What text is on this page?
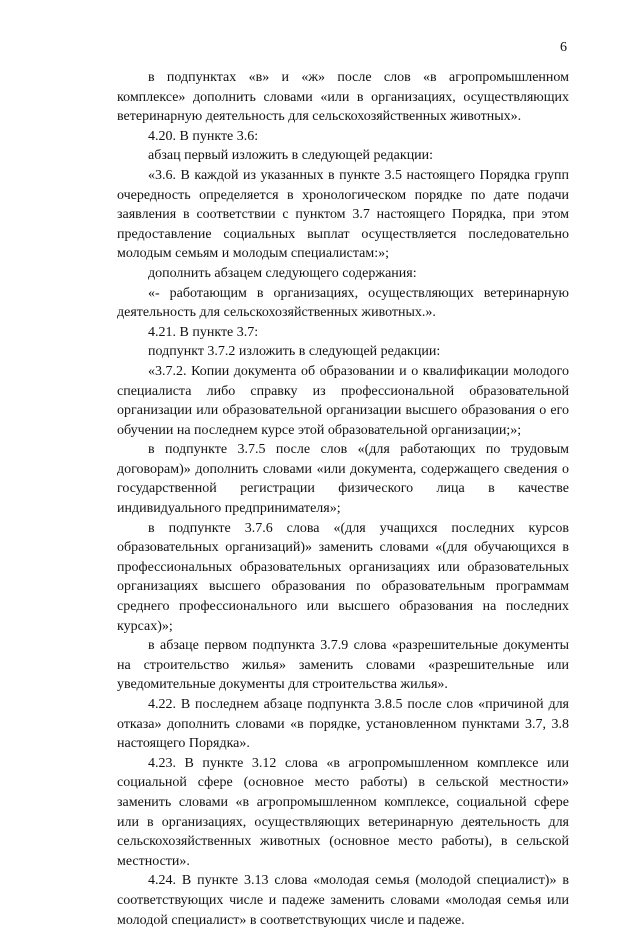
6

в подпунктах «в» и «ж» после слов «в агропромышленном комплексе» дополнить словами «или в организациях, осуществляющих ветеринарную деятельность для сельскохозяйственных животных».

4.20. В пункте 3.6:

абзац первый изложить в следующей редакции:

«3.6. В каждой из указанных в пункте 3.5 настоящего Порядка групп очередность определяется в хронологическом порядке по дате подачи заявления в соответствии с пунктом 3.7 настоящего Порядка, при этом предоставление социальных выплат осуществляется последовательно молодым семьям и молодым специалистам:»;

дополнить абзацем следующего содержания:

«- работающим в организациях, осуществляющих ветеринарную деятельность для сельскохозяйственных животных.».

4.21. В пункте 3.7:

подпункт 3.7.2 изложить в следующей редакции:

«3.7.2. Копии документа об образовании и о квалификации молодого специалиста либо справку из профессиональной образовательной организации или образовательной организации высшего образования о его обучении на последнем курсе этой образовательной организации;»;

в подпункте 3.7.5 после слов «(для работающих по трудовым договорам)» дополнить словами «или документа, содержащего сведения о государственной регистрации физического лица в качестве индивидуального предпринимателя»;

в подпункте 3.7.6 слова «(для учащихся последних курсов образовательных организаций)» заменить словами «(для обучающихся в профессиональных образовательных организациях или образовательных организациях высшего образования по образовательным программам среднего профессионального или высшего образования на последних курсах)»;

в абзаце первом подпункта 3.7.9 слова «разрешительные документы на строительство жилья» заменить словами «разрешительные или уведомительные документы для строительства жилья».

4.22. В последнем абзаце подпункта 3.8.5 после слов «причиной для отказа» дополнить словами «в порядке, установленном пунктами 3.7, 3.8 настоящего Порядка».

4.23. В пункте 3.12 слова «в агропромышленном комплексе или социальной сфере (основное место работы) в сельской местности» заменить словами «в агропромышленном комплексе, социальной сфере или в организациях, осуществляющих ветеринарную деятельность для сельскохозяйственных животных (основное место работы), в сельской местности».

4.24. В пункте 3.13 слова «молодая семья (молодой специалист)» в соответствующих числе и падеже заменить словами «молодая семья или молодой специалист» в соответствующих числе и падеже.
